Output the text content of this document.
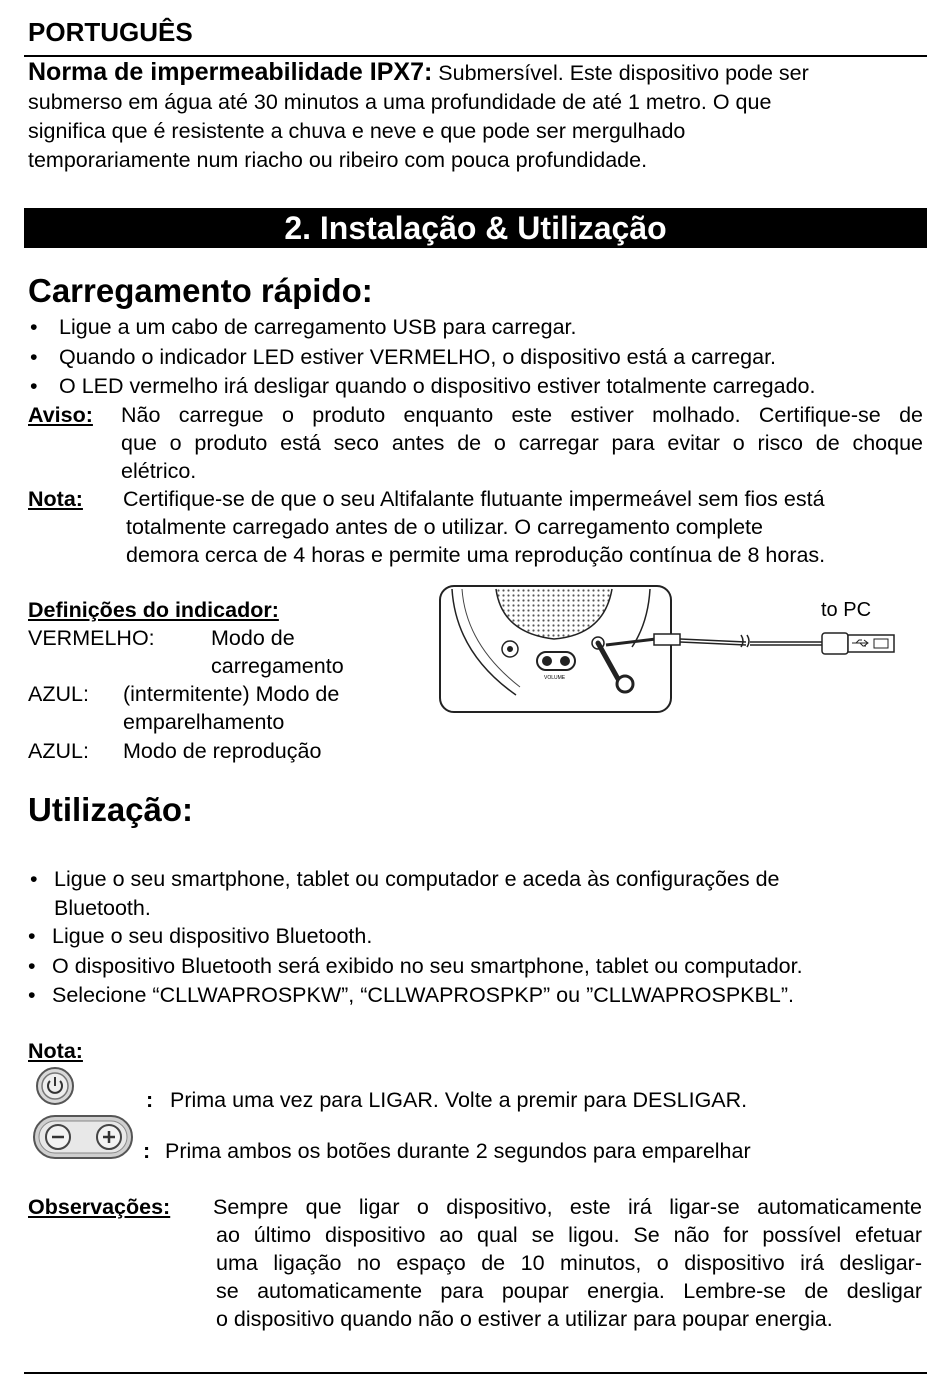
PORTUGUÊS
Norma de impermeabilidade IPX7: Submersível. Este dispositivo pode ser
submerso em água até 30 minutos a uma profundidade de até 1 metro. O que
significa que é resistente a chuva e neve e que pode ser mergulhado
temporariamente num riacho ou ribeiro com pouca profundidade.
2. Instalação & Utilização
Carregamento rápido:
• Ligue a um cabo de carregamento USB para carregar.
• Quando o indicador LED estiver VERMELHO, o dispositivo está a carregar.
• O LED vermelho irá desligar quando o dispositivo estiver totalmente carregado.
Aviso: Não carregue o produto enquanto este estiver molhado. Certifique-se de
que o produto está seco antes de o carregar para evitar o risco de choque
elétrico.
Nota: Certifique-se de que o seu Altifalante flutuante impermeável sem fios está
totalmente carregado antes de o utilizar. O carregamento complete
demora cerca de 4 horas e permite uma reprodução contínua de 8 horas.
Definições do indicador:
VERMELHO:	Modo de
carregamento
AZUL: (intermitente) Modo de
emparelhamento
AZUL: Modo de reprodução
VOLUME
to PC
Utilização:
• Ligue o seu smartphone, tablet ou computador e aceda às configurações de
Bluetooth.
• Ligue o seu dispositivo Bluetooth.
• O dispositivo Bluetooth será exibido no seu smartphone, tablet ou computador.
• Selecione “CLLWAPROSPKW”, “CLLWAPROSPKP” ou ”CLLWAPROSPKBL”.
Nota:
: Prima uma vez para LIGAR. Volte a premir para DESLIGAR.
: Prima ambos os botões durante 2 segundos para emparelhar
Observações: Sempre que ligar o dispositivo, este irá ligar-se automaticamente
ao último dispositivo ao qual se ligou. Se não for possível efetuar
uma ligação no espaço de 10 minutos, o dispositivo irá desligar-
se automaticamente para poupar energia. Lembre-se de desligar
o dispositivo quando não o estiver a utilizar para poupar energia.
